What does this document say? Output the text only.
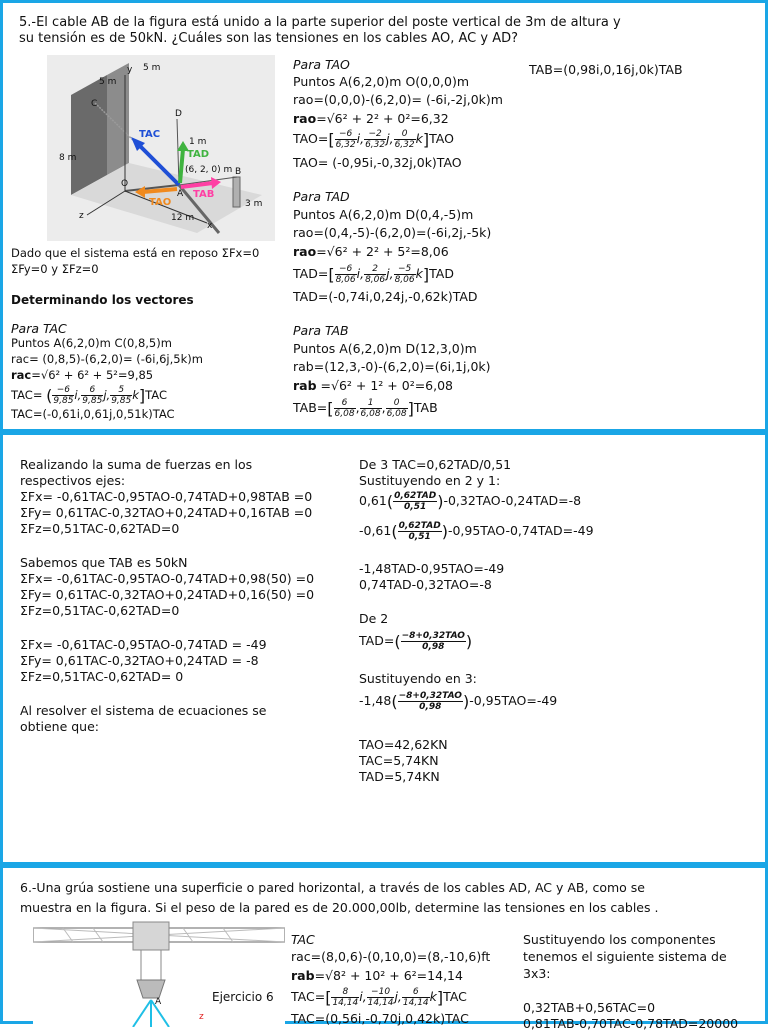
5.-El cable AB de la figura está unido a la parte superior del poste vertical de 3m de altura y
su tensión es de 50kN. ¿Cuáles son las tensiones en los cables AO, AC y AD?
5 m
5 m
8 m
12 m
3 m
(6, 2, 0) m
C
D
A
B
O
x
y
z
TAC
TAD
TAO
TAB
1 m
TAB=(0,98i,0,16j,0k)TAB
Para TAO
Puntos A(6,2,0)m O(0,0,0)m
rao=(0,0,0)-(6,2,0)= (-6i,-2j,0k)m
rao=√6² + 2² + 0²=6,32
$TAO=[ \frac{-6}{6,32} i$, $\frac{-2}{6,32} j$, $\frac{0}{6,32} k]TAO$
TAO= (-0,95i,-0,32j,0k)TAO
Para TAD
Puntos A(6,2,0)m D(0,4,-5)m
rao=(0,4,-5)-(6,2,0)=(-6i,2j,-5k)
rao=√6² + 2² + 5²=8,06
$TAD=[ \frac{-6}{8,06} i$, $\frac{2}{8,06} j$, $\frac{-5}{8,06} k]TAD$
TAD=(-0,74i,0,24j,-0,62k)TAD
Para TAB
Puntos A(6,2,0)m D(12,3,0)m
rab=(12,3,-0)-(6,2,0)=(6i,1j,0k)
rab =√6² + 1² + 0²=6,08
$TAB=[ \frac{6}{6,08}$ , $\frac{1}{6,08}$ , $\frac{0}{6,08} ]TAB$
Dado que el sistema está en reposo ΣFx=0
ΣFy=0 y ΣFz=0
Determinando los vectores
Para TAC
Puntos A(6,2,0)m C(0,8,5)m
rac= (0,8,5)-(6,2,0)= (-6i,6j,5k)m
rac=√6² + 6² + 5²=9,85
TAC= ( $\frac{-6}{9,85} i$, $\frac{6}{9,85} j$, $\frac{5}{9,85} k]TAC$
TAC=(-0,61i,0,61j,0,51k)TAC
Realizando la suma de fuerzas en los
respectivos ejes:
ΣFx= -0,61TAC-0,95TAO-0,74TAD+0,98TAB =0
ΣFy= 0,61TAC-0,32TAO+0,24TAD+0,16TAB =0
ΣFz=0,51TAC-0,62TAD=0
Sabemos que TAB es 50kN
ΣFx= -0,61TAC-0,95TAO-0,74TAD+0,98(50) =0
ΣFy= 0,61TAC-0,32TAO+0,24TAD+0,16(50) =0
ΣFz=0,51TAC-0,62TAD=0
ΣFx= -0,61TAC-0,95TAO-0,74TAD = -49
ΣFy= 0,61TAC-0,32TAO+0,24TAD = -8
ΣFz=0,51TAC-0,62TAD= 0
Al resolver el sistema de ecuaciones se
obtiene que:
De 3 TAC=0,62TAD/0,51
Sustituyendo en 2 y 1:
$0,61( \frac{\text{0,62TAD}}{0,51} )-0,32TAO-0,24TAD=-8$
$-0,61( \frac{\text{0,62TAD}}{0,51} )-0,95TAO-0,74TAD=-49$
-1,48TAD-0,95TAO=-49
0,74TAD-0,32TAO=-8
De 2
$TAD=( \frac{\text{−8+0,32TAO}}{0,98}$ )
Sustituyendo en 3:
$-1,48( \frac{\text{−8+0,32TAO}}{0,98} )-0,95TAO=-49$
TAO=42,62KN
TAC=5,74KN
TAD=5,74KN
6.-Una grúa sostiene una superficie o pared horizontal, a través de los cables AD, AC y AB, como se
muestra en la figura. Si el peso de la pared es de 20.000,00lb, determine las tensiones en los cables .
Ejercicio 6
z
A
TAC
rac=(8,0,6)-(0,10,0)=(8,-10,6)ft
rab=√8² + 10² + 6²=14,14
$TAC=[ \frac{8}{14,14} i$, $\frac{-10}{14,14} j$, $\frac{6}{14,14} k]TAC$
TAC=(0,56i,-0,70j,0,42k)TAC
Sustituyendo los componentes
tenemos el siguiente sistema de
3x3:
0,32TAB+0,56TAC=0
0,81TAB-0,70TAC-0,78TAD=20000
